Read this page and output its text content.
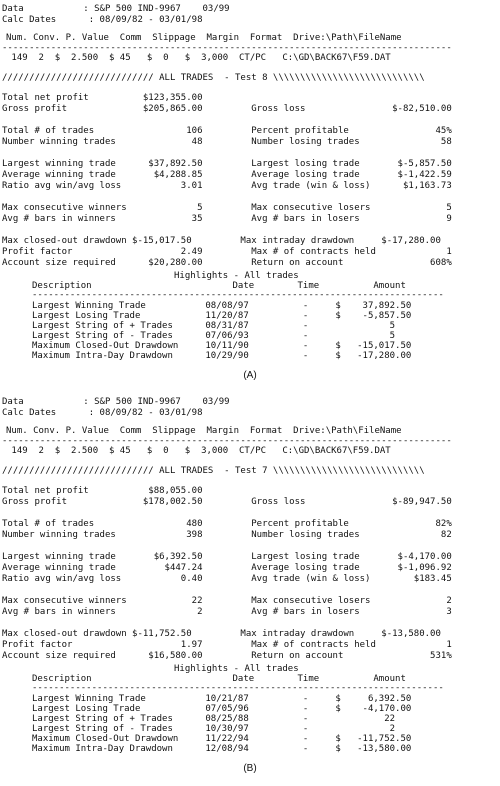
Data           : S&P 500 IND-9967    03/99
Calc Dates      : 08/09/82 - 03/01/98
Num. Conv. P. Value  Comm  Slippage  Margin  Format  Drive:\Path\FileName
-----------------------------------------------------------------------------------
149  2  $  2.500  $ 45   $  0   $  3,000  CT/PC   C:\GD\BACK67\F59.DAT
//////////////////////////// ALL TRADES  - Test 8 \\\\\\\\\\\\\\\\\\\\\\\\\\\\
Total net profit          $123,355.00
Gross profit              $205,865.00         Gross loss                $-82,510.00
Total # of trades                 106         Percent profitable                45%
Number winning trades              48         Number losing trades               58
Largest winning trade      $37,892.50         Largest losing trade       $-5,857.50
Average winning trade       $4,288.85         Average losing trade       $-1,422.59
Ratio avg win/avg loss           3.01         Avg trade (win & loss)      $1,163.73
Max consecutive winners             5         Max consecutive losers              5
Avg # bars in winners              35         Avg # bars in losers                9
Max closed-out drawdown $-15,017.50         Max intraday drawdown     $-17,280.00
Profit factor                    2.49         Max # of contracts held             1
Account size required      $20,280.00         Return on account                608%
Highlights - All trades
Description                          Date        Time          Amount
----------------------------------------------------------------------------
Largest Winning Trade           08/08/97          -     $    37,892.50
Largest Losing Trade            11/20/87          -     $    -5,857.50
Largest String of + Trades      08/31/87          -               5
Largest String of - Trades      07/06/93          -               5
Maximum Closed-Out Drawdown     10/11/90          -     $   -15,017.50
Maximum Intra-Day Drawdown      10/29/90          -     $   -17,280.00
(A)
Data           : S&P 500 IND-9967    03/99
Calc Dates      : 08/09/82 - 03/01/98
Num. Conv. P. Value  Comm  Slippage  Margin  Format  Drive:\Path\FileName
-----------------------------------------------------------------------------------
149  2  $  2.500  $ 45   $  0   $  3,000  CT/PC   C:\GD\BACK67\F59.DAT
//////////////////////////// ALL TRADES  - Test 7 \\\\\\\\\\\\\\\\\\\\\\\\\\\\
Total net profit           $88,055.00
Gross profit              $178,002.50         Gross loss                $-89,947.50
Total # of trades                 480         Percent profitable                82%
Number winning trades             398         Number losing trades               82
Largest winning trade       $6,392.50         Largest losing trade       $-4,170.00
Average winning trade         $447.24         Average losing trade       $-1,096.92
Ratio avg win/avg loss           0.40         Avg trade (win & loss)        $183.45
Max consecutive winners            22         Max consecutive losers              2
Avg # bars in winners               2         Avg # bars in losers                3
Max closed-out drawdown $-11,752.50         Max intraday drawdown     $-13,580.00
Profit factor                    1.97         Max # of contracts held             1
Account size required      $16,580.00         Return on account                531%
Highlights - All trades
Description                          Date        Time          Amount
----------------------------------------------------------------------------
Largest Winning Trade           10/21/87          -     $     6,392.50
Largest Losing Trade            07/05/96          -     $    -4,170.00
Largest String of + Trades      08/25/88          -              22
Largest String of - Trades      10/30/97          -               2
Maximum Closed-Out Drawdown     11/22/94          -     $   -11,752.50
Maximum Intra-Day Drawdown      12/08/94          -     $   -13,580.00
(B)
